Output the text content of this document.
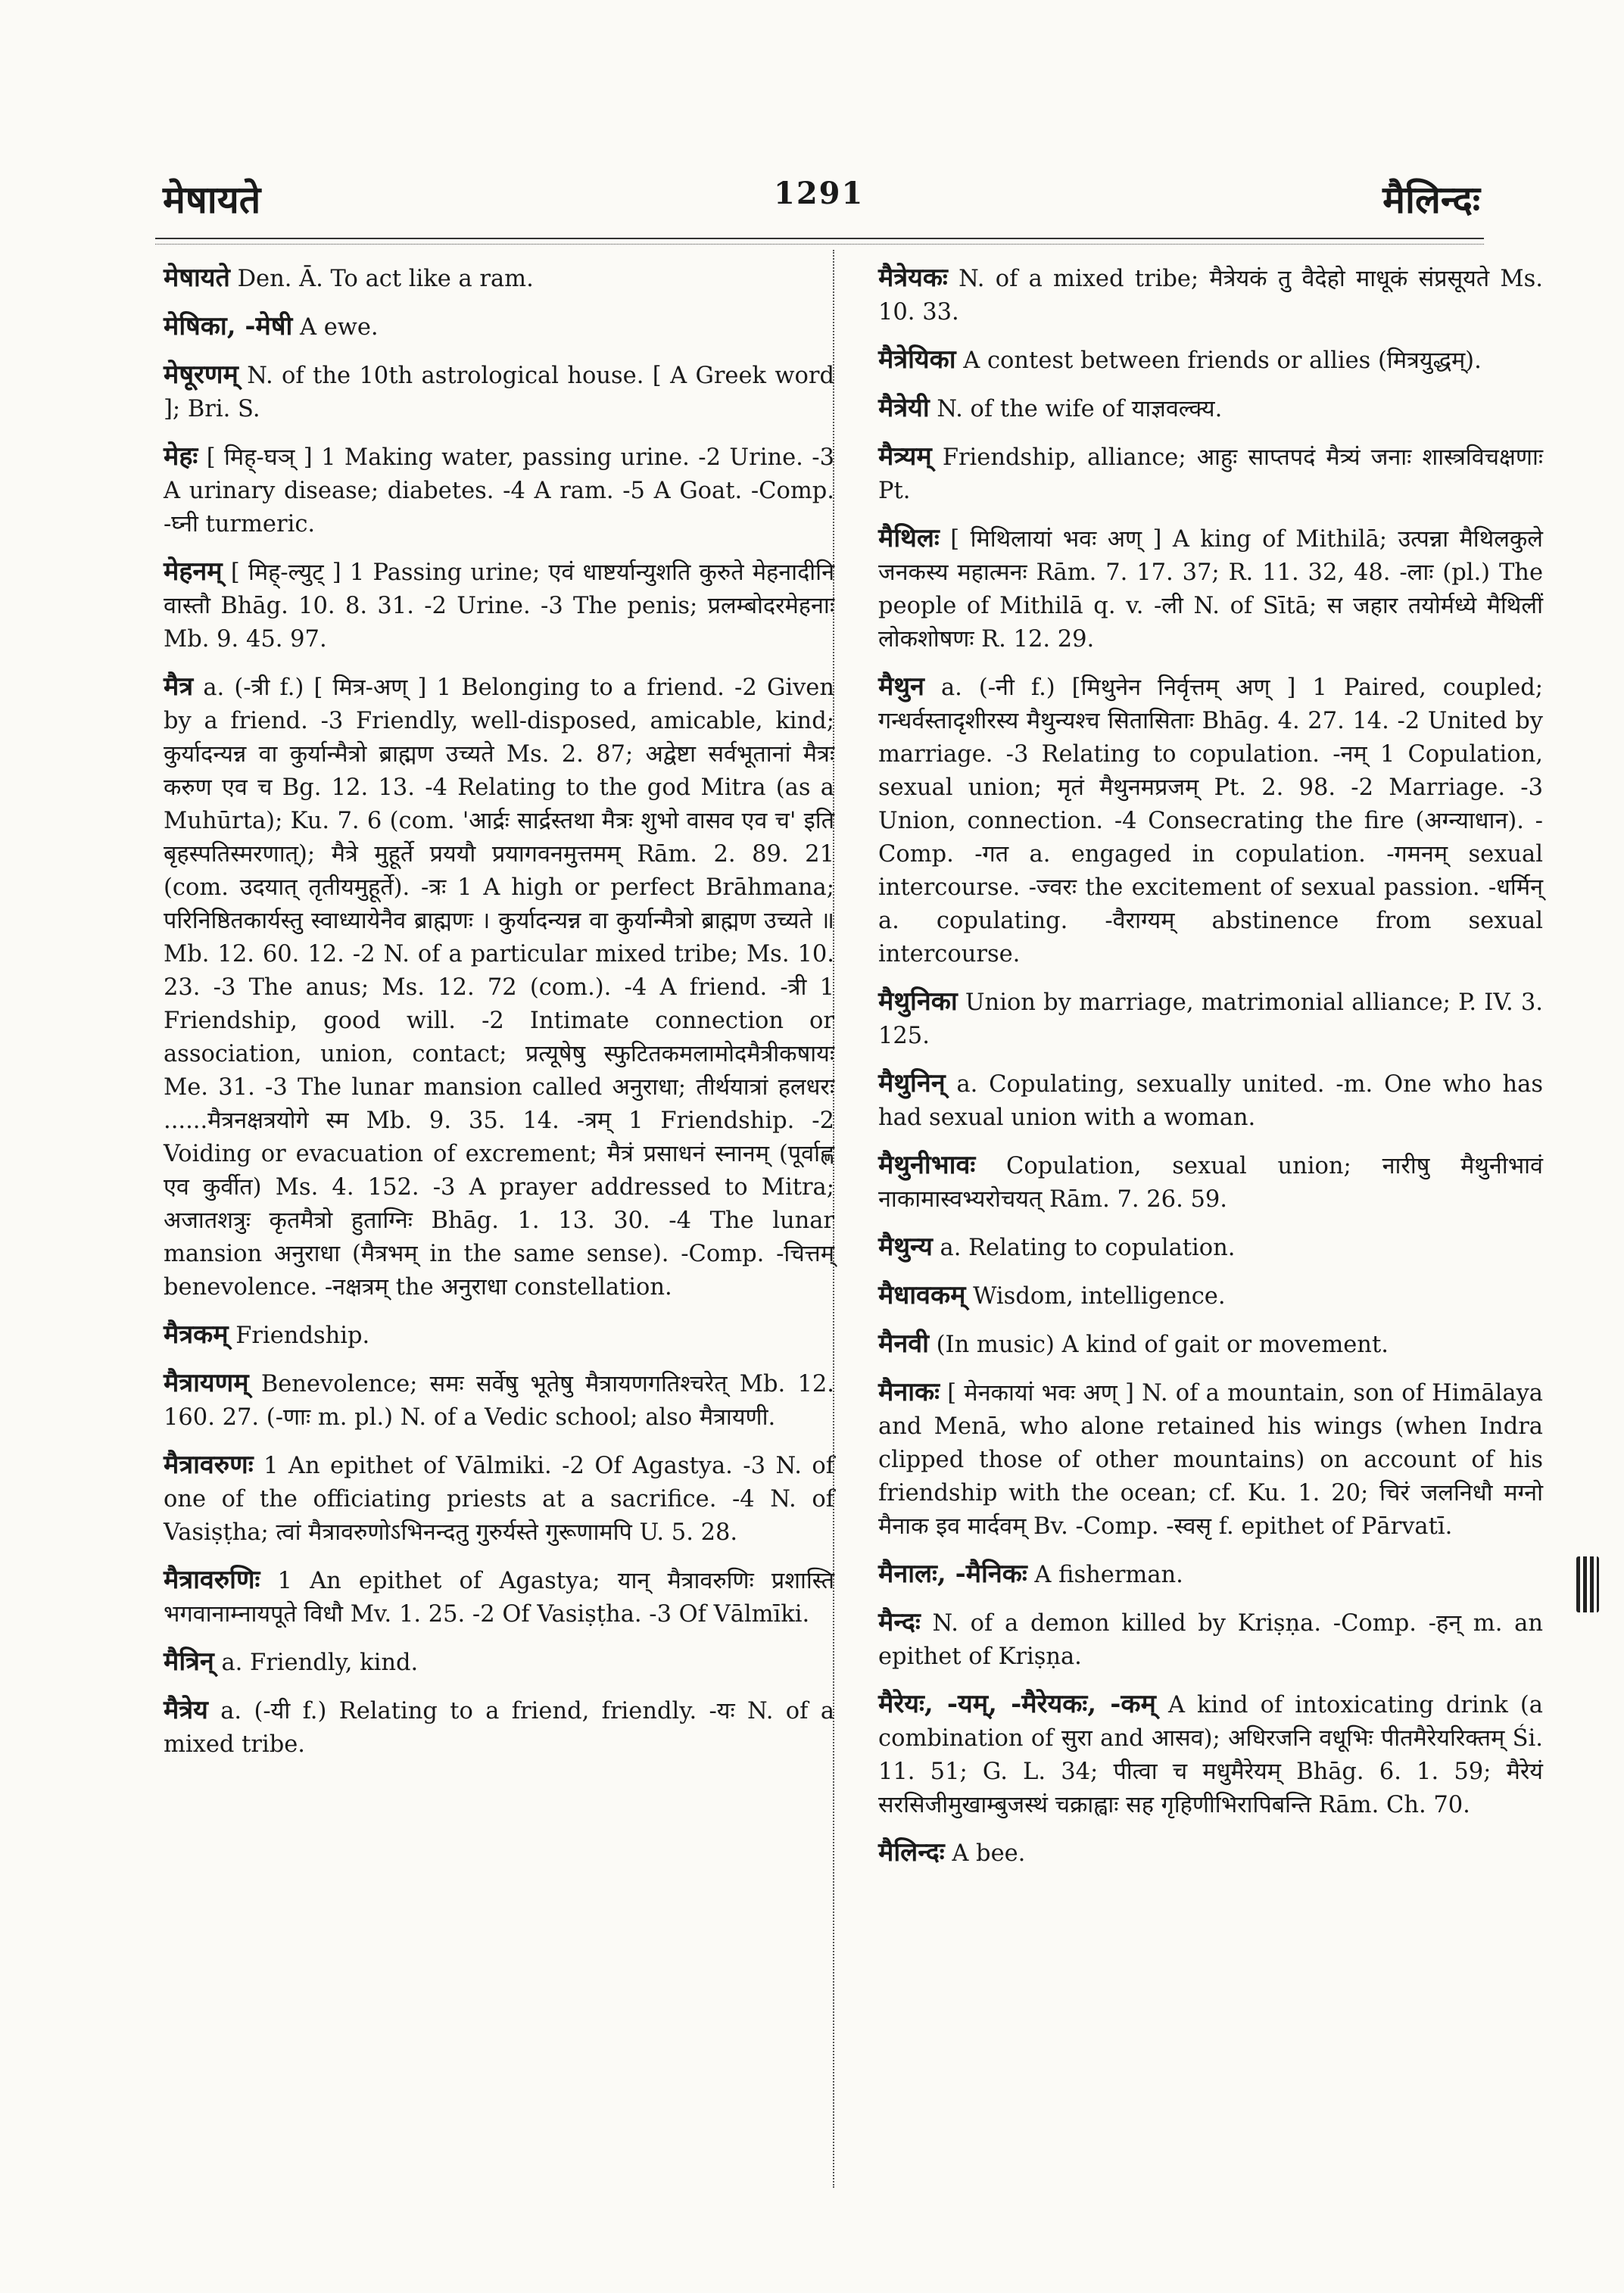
मेषायते	1291	मैलिन्दः

मेषायते Den. Ā. To act like a ram.

मेषिका, -मेषी A ewe.

मेषूरणम् N. of the 10th astrological house. [ A Greek word ]; Bri. S.

मेहः [ मिह्-घञ् ] 1 Making water, passing urine. -2 Urine. -3 A urinary disease; diabetes. -4 A ram. -5 A Goat. -Comp. -घ्नी turmeric.

मेहनम् [ मिह्-ल्युट् ] 1 Passing urine; एवं धाष्टर्यान्युशति कुरुते मेहनादीनि वास्तौ Bhāg. 10. 8. 31. -2 Urine. -3 The penis; प्रलम्बोदरमेहनाः Mb. 9. 45. 97.

मैत्र a. (-त्री f.) [ मित्र-अण् ] 1 Belonging to a friend. -2 Given by a friend. -3 Friendly, well-disposed, amicable, kind; कुर्यादन्यन्न वा कुर्यान्मैत्रो ब्राह्मण उच्यते Ms. 2. 87; अद्वेष्टा सर्वभूतानां मैत्रः करुण एव च Bg. 12. 13. -4 Relating to the god Mitra (as a Muhūrta); Ku. 7. 6 (com. 'आर्द्रः सार्द्रस्तथा मैत्रः शुभो वासव एव च' इति बृहस्पतिस्मरणात्); मैत्रे मुहूर्ते प्रययौ प्रयागवनमुत्तमम् Rām. 2. 89. 21 (com. उदयात् तृतीयमुहूर्ते). -त्रः 1 A high or perfect Brāhmana; परिनिष्ठितकार्यस्तु स्वाध्यायेनैव ब्राह्मणः । कुर्यादन्यन्न वा कुर्यान्मैत्रो ब्राह्मण उच्यते ॥ Mb. 12. 60. 12. -2 N. of a particular mixed tribe; Ms. 10. 23. -3 The anus; Ms. 12. 72 (com.). -4 A friend. -त्री 1 Friendship, good will. -2 Intimate connection or association, union, contact; प्रत्यूषेषु स्फुटितकमलामोदमैत्रीकषायः Me. 31. -3 The lunar mansion called अनुराधा; तीर्थयात्रां हलधरः ......मैत्रनक्षत्रयोगे स्म Mb. 9. 35. 14. -त्रम् 1 Friendship. -2 Voiding or evacuation of excrement; मैत्रं प्रसाधनं स्नानम् (पूर्वाह्ण एव कुर्वीत) Ms. 4. 152. -3 A prayer addressed to Mitra; अजातशत्रुः कृतमैत्रो हुताग्निः Bhāg. 1. 13. 30. -4 The lunar mansion अनुराधा (मैत्रभम् in the same sense). -Comp. -चित्तम् benevolence. -नक्षत्रम् the अनुराधा constellation.

मैत्रकम् Friendship.

मैत्रायणम् Benevolence; समः सर्वेषु भूतेषु मैत्रायणगतिश्चरेत् Mb. 12. 160. 27. (-णाः m. pl.) N. of a Vedic school; also मैत्रायणी.

मैत्रावरुणः 1 An epithet of Vālmiki. -2 Of Agastya. -3 N. of one of the officiating priests at a sacrifice. -4 N. of Vasiṣṭha; त्वां मैत्रावरुणोऽभिनन्दतु गुरुर्यस्ते गुरूणामपि U. 5. 28.

मैत्रावरुणिः 1 An epithet of Agastya; यान् मैत्रावरुणिः प्रशास्ति भगवानाम्नायपूते विधौ Mv. 1. 25. -2 Of Vasiṣṭha. -3 Of Vālmīki.

मैत्रिन् a. Friendly, kind.

मैत्रेय a. (-यी f.) Relating to a friend, friendly. -यः N. of a mixed tribe.

मैत्रेयकः N. of a mixed tribe; मैत्रेयकं तु वैदेहो माधूकं संप्रसूयते Ms. 10. 33.

मैत्रेयिका A contest between friends or allies (मित्रयुद्धम्).

मैत्रेयी N. of the wife of याज्ञवल्क्य.

मैत्र्यम् Friendship, alliance; आहुः साप्तपदं मैत्र्यं जनाः शास्त्रविचक्षणाः Pt.

मैथिलः [ मिथिलायां भवः अण् ] A king of Mithilā; उत्पन्ना मैथिलकुले जनकस्य महात्मनः Rām. 7. 17. 37; R. 11. 32, 48. -लाः (pl.) The people of Mithilā q. v. -ली N. of Sītā; स जहार तयोर्मध्ये मैथिलीं लोकशोषणः R. 12. 29.

मैथुन a. (-नी f.) [मिथुनेन निर्वृत्तम् अण् ] 1 Paired, coupled; गन्धर्वस्तादृशीरस्य मैथुन्यश्च सितासिताः Bhāg. 4. 27. 14. -2 United by marriage. -3 Relating to copulation. -नम् 1 Copulation, sexual union; मृतं मैथुनमप्रजम् Pt. 2. 98. -2 Marriage. -3 Union, connection. -4 Consecrating the fire (अग्न्याधान). -Comp. -गत a. engaged in copulation. -गमनम् sexual intercourse. -ज्वरः the excitement of sexual passion. -धर्मिन् a. copulating. -वैराग्यम् abstinence from sexual intercourse.

मैथुनिका Union by marriage, matrimonial alliance; P. IV. 3. 125.

मैथुनिन् a. Copulating, sexually united. -m. One who has had sexual union with a woman.

मैथुनीभावः Copulation, sexual union; नारीषु मैथुनीभावं नाकामास्वभ्यरोचयत् Rām. 7. 26. 59.

मैथुन्य a. Relating to copulation.

मैधावकम् Wisdom, intelligence.

मैनवी (In music) A kind of gait or movement.

मैनाकः [ मेनकायां भवः अण् ] N. of a mountain, son of Himālaya and Menā, who alone retained his wings (when Indra clipped those of other mountains) on account of his friendship with the ocean; cf. Ku. 1. 20; चिरं जलनिधौ मग्नो मैनाक इव मार्दवम् Bv. -Comp. -स्वसृ f. epithet of Pārvatī.

मैनालः, -मैनिकः A fisherman.

मैन्दः N. of a demon killed by Kriṣṇa. -Comp. -हन् m. an epithet of Kriṣṇa.

मैरेयः, -यम्, -मैरेयकः, -कम् A kind of intoxicating drink (a combination of सुरा and आसव); अधिरजनि वधूभिः पीतमैरेयरिक्तम् Śi. 11. 51; G. L. 34; पीत्वा च मधुमैरेयम् Bhāg. 6. 1. 59; मैरेयं सरसिजीमुखाम्बुजस्थं चक्राह्वाः सह गृहिणीभिरापिबन्ति Rām. Ch. 70.

मैलिन्दः A bee.
